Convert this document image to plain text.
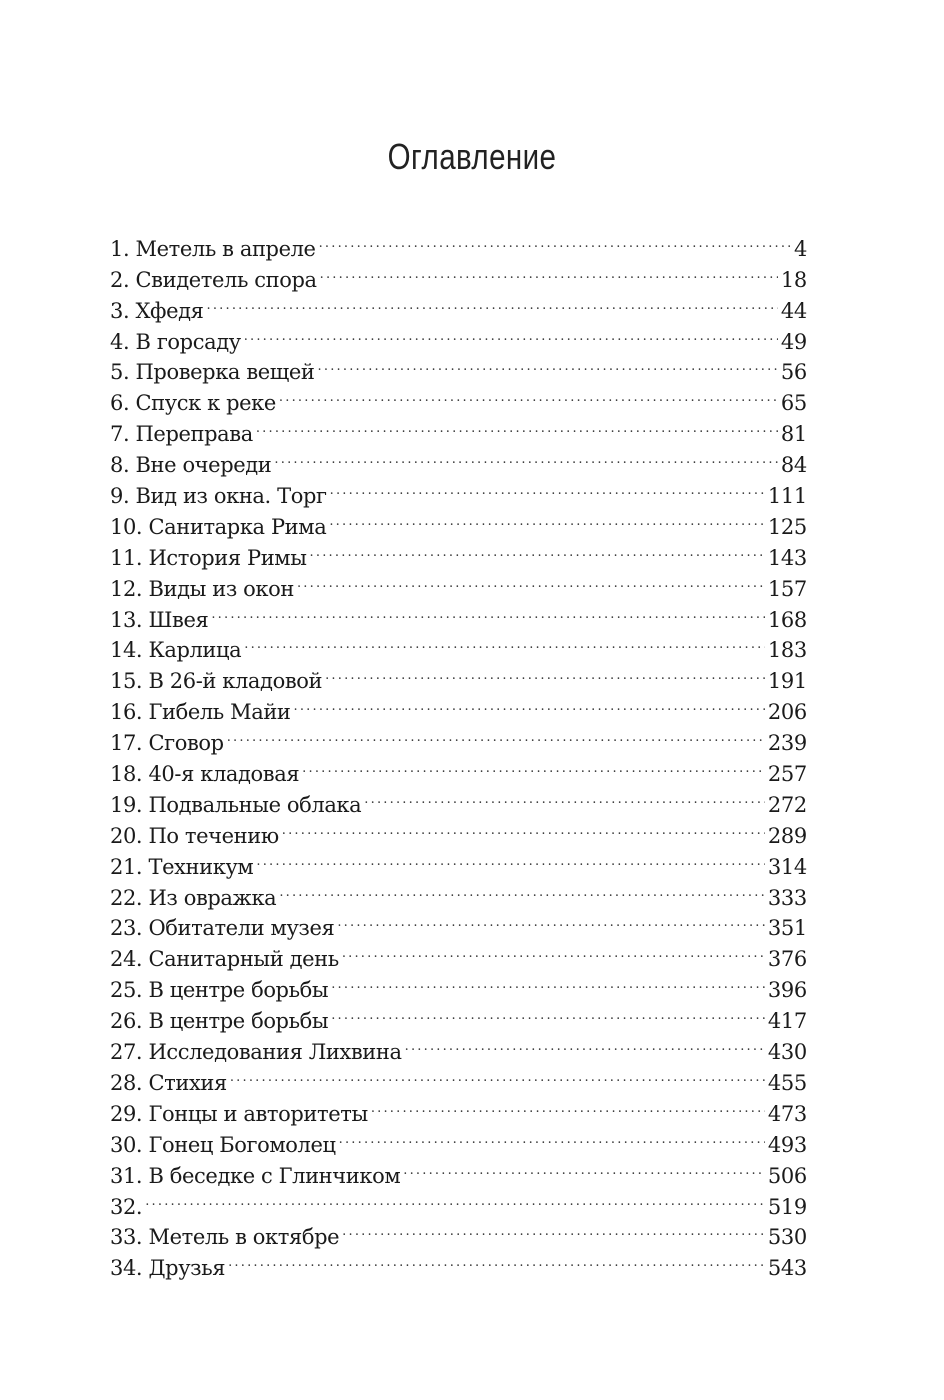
Оглавление
1. Метель в апреле .....	4
2. Свидетель спора .....	18
3. Хфедя .....	44
4. В горсаду .....	49
5. Проверка вещей .....	56
6. Спуск к реке .....	65
7. Переправа .....	81
8. Вне очереди .....	84
9. Вид из окна. Торг .....	111
10. Санитарка Рима .....	125
11. История Римы .....	143
12. Виды из окон .....	157
13. Швея .....	168
14. Карлица .....	183
15. В 26-й кладовой .....	191
16. Гибель Майи .....	206
17. Сговор .....	239
18. 40-я кладовая .....	257
19. Подвальные облака .....	272
20. По течению .....	289
21. Техникум .....	314
22. Из овражка .....	333
23. Обитатели музея .....	351
24. Санитарный день .....	376
25. В центре борьбы .....	396
26. В центре борьбы .....	417
27. Исследования Лихвина .....	430
28. Стихия .....	455
29. Гонцы и авторитеты .....	473
30. Гонец Богомолец .....	493
31. В беседке с Глинчиком .....	506
32. .....	519
33. Метель в октябре .....	530
34. Друзья .....	543
